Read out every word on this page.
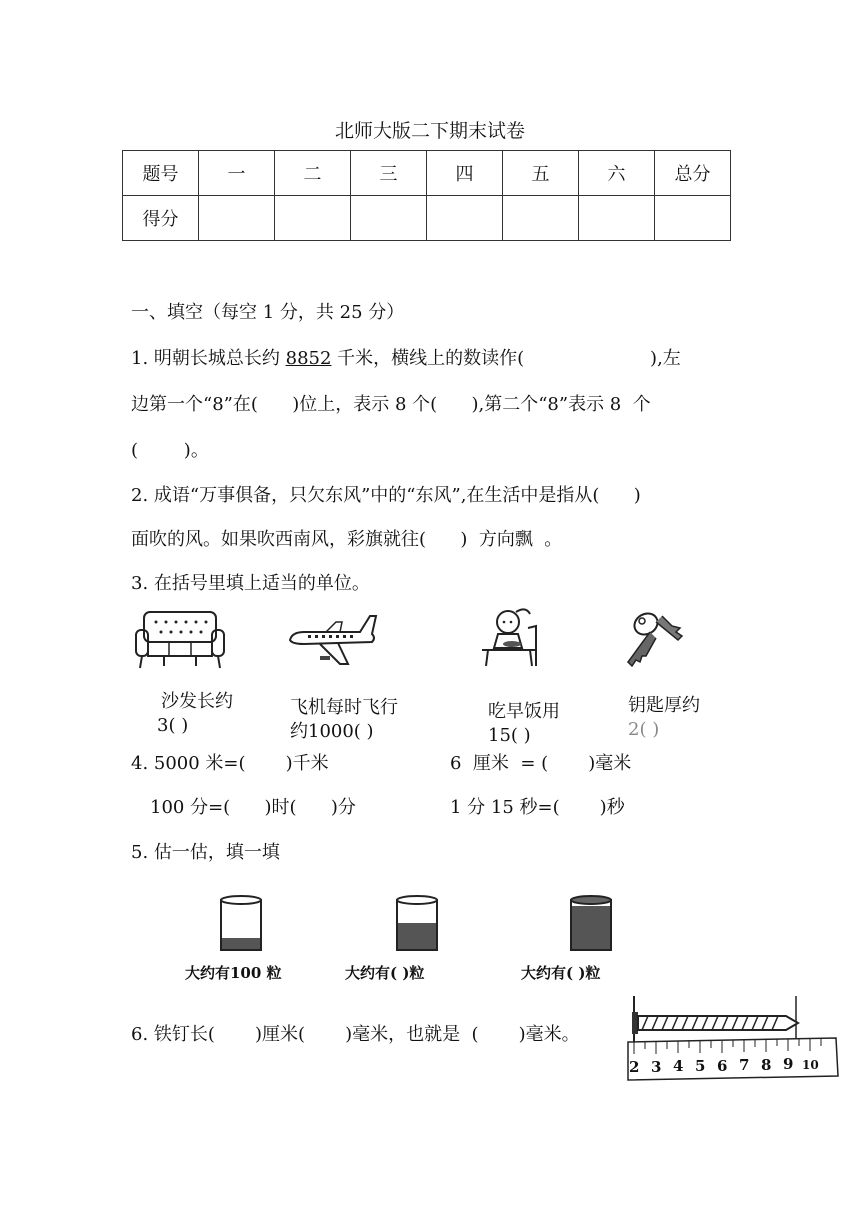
北师大版二下期末试卷
题号	一	二	三	四	五	六	总分
得分							
一、填空（每空 1 分，共 25 分）
1. 明朝长城总长约 8852 千米，横线上的数读作(                      ),左
边第一个“8”在(      )位上，表示 8 个(      ),第二个“8”表示 8  个
(        )。
2. 成语“万事俱备，只欠东风”中的“东风”,在生活中是指从(      )
面吹的风。如果吹西南风，彩旗就往(      )  方向飘  。
3. 在括号里填上适当的单位。
沙发长约
3( )
飞机每时飞行
约1000( )
吃早饭用
15( )
钥匙厚约
2( )
4. 5000 米=(       )千米	6  厘米  = (       )毫米
100 分=(      )时(      )分	1 分 15 秒=(       )秒
5. 估一估，填一填
大约有100 粒	大约有( )粒	大约有( )粒
6. 铁钉长(       )厘米(       )毫米，也就是  (       )毫米。
2 3 4 5 6 7 8 9 10
